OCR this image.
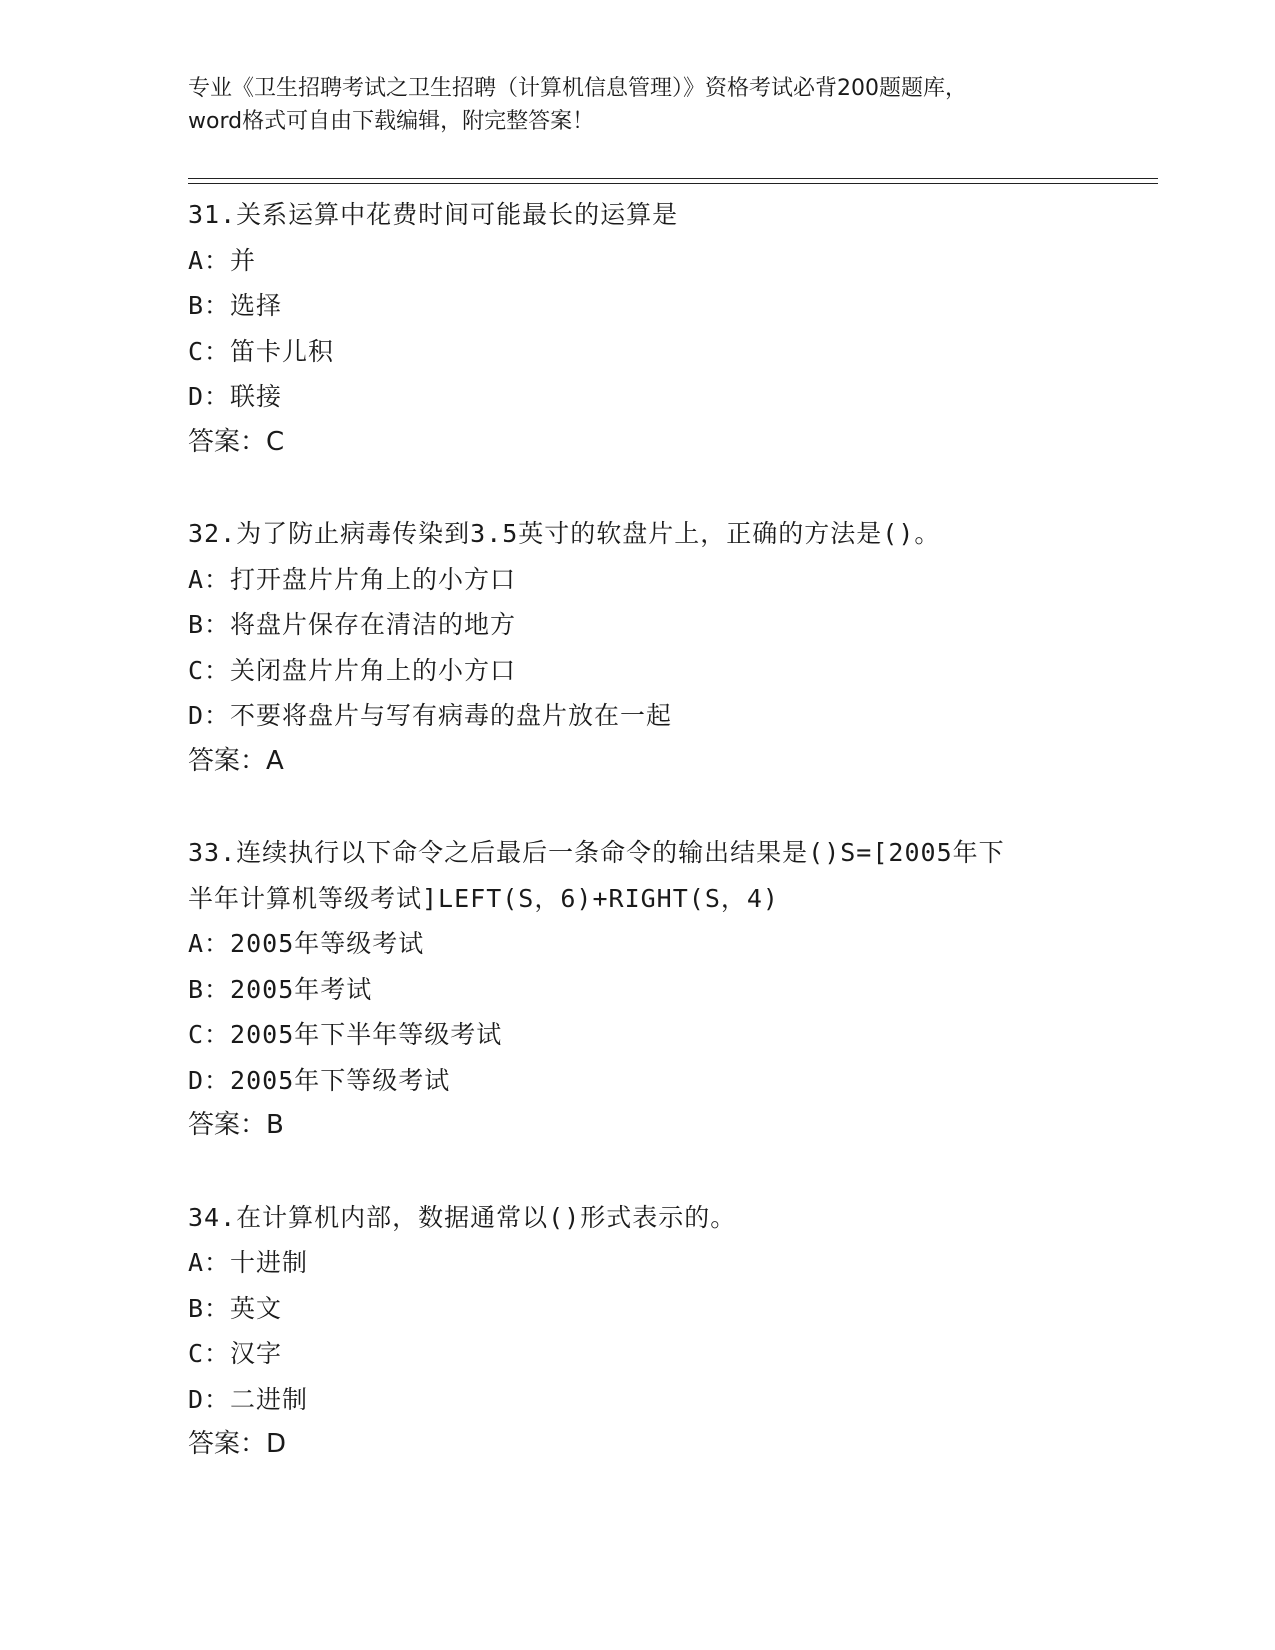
专业《卫生招聘考试之卫生招聘（计算机信息管理）》资格考试必背200题题库，
word格式可自由下载编辑，附完整答案！
31.关系运算中花费时间可能最长的运算是
A：并
B：选择
C：笛卡儿积
D：联接
答案：C
32.为了防止病毒传染到3.5英寸的软盘片上，正确的方法是()。
A：打开盘片片角上的小方口
B：将盘片保存在清洁的地方
C：关闭盘片片角上的小方口
D：不要将盘片与写有病毒的盘片放在一起
答案：A
33.连续执行以下命令之后最后一条命令的输出结果是()S=[2005年下
半年计算机等级考试]LEFT(S，6)+RIGHT(S，4)
A：2005年等级考试
B：2005年考试
C：2005年下半年等级考试
D：2005年下等级考试
答案：B
34.在计算机内部，数据通常以()形式表示的。
A：十进制
B：英文
C：汉字
D：二进制
答案：D
